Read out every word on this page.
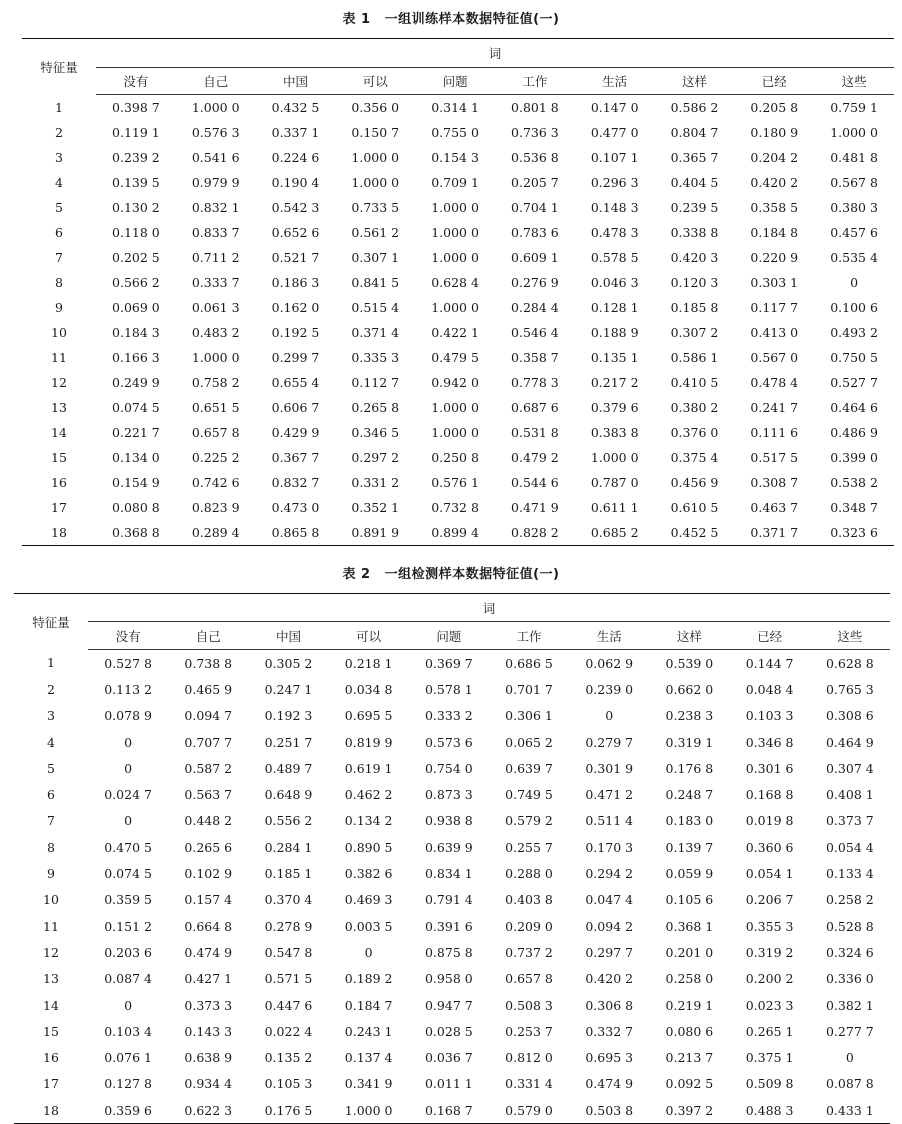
表 1 一组训练样本数据特征值(一)
特征量	词									
	没有	自己	中国	可以	问题	工作	生活	这样	已经	这些
1	0.398 7	1.000 0	0.432 5	0.356 0	0.314 1	0.801 8	0.147 0	0.586 2	0.205 8	0.759 1
2	0.119 1	0.576 3	0.337 1	0.150 7	0.755 0	0.736 3	0.477 0	0.804 7	0.180 9	1.000 0
3	0.239 2	0.541 6	0.224 6	1.000 0	0.154 3	0.536 8	0.107 1	0.365 7	0.204 2	0.481 8
4	0.139 5	0.979 9	0.190 4	1.000 0	0.709 1	0.205 7	0.296 3	0.404 5	0.420 2	0.567 8
5	0.130 2	0.832 1	0.542 3	0.733 5	1.000 0	0.704 1	0.148 3	0.239 5	0.358 5	0.380 3
6	0.118 0	0.833 7	0.652 6	0.561 2	1.000 0	0.783 6	0.478 3	0.338 8	0.184 8	0.457 6
7	0.202 5	0.711 2	0.521 7	0.307 1	1.000 0	0.609 1	0.578 5	0.420 3	0.220 9	0.535 4
8	0.566 2	0.333 7	0.186 3	0.841 5	0.628 4	0.276 9	0.046 3	0.120 3	0.303 1	0
9	0.069 0	0.061 3	0.162 0	0.515 4	1.000 0	0.284 4	0.128 1	0.185 8	0.117 7	0.100 6
10	0.184 3	0.483 2	0.192 5	0.371 4	0.422 1	0.546 4	0.188 9	0.307 2	0.413 0	0.493 2
11	0.166 3	1.000 0	0.299 7	0.335 3	0.479 5	0.358 7	0.135 1	0.586 1	0.567 0	0.750 5
12	0.249 9	0.758 2	0.655 4	0.112 7	0.942 0	0.778 3	0.217 2	0.410 5	0.478 4	0.527 7
13	0.074 5	0.651 5	0.606 7	0.265 8	1.000 0	0.687 6	0.379 6	0.380 2	0.241 7	0.464 6
14	0.221 7	0.657 8	0.429 9	0.346 5	1.000 0	0.531 8	0.383 8	0.376 0	0.111 6	0.486 9
15	0.134 0	0.225 2	0.367 7	0.297 2	0.250 8	0.479 2	1.000 0	0.375 4	0.517 5	0.399 0
16	0.154 9	0.742 6	0.832 7	0.331 2	0.576 1	0.544 6	0.787 0	0.456 9	0.308 7	0.538 2
17	0.080 8	0.823 9	0.473 0	0.352 1	0.732 8	0.471 9	0.611 1	0.610 5	0.463 7	0.348 7
18	0.368 8	0.289 4	0.865 8	0.891 9	0.899 4	0.828 2	0.685 2	0.452 5	0.371 7	0.323 6
表 2 一组检测样本数据特征值(一)
特征量	词									
	没有	自己	中国	可以	问题	工作	生活	这样	已经	这些
1	0.527 8	0.738 8	0.305 2	0.218 1	0.369 7	0.686 5	0.062 9	0.539 0	0.144 7	0.628 8
2	0.113 2	0.465 9	0.247 1	0.034 8	0.578 1	0.701 7	0.239 0	0.662 0	0.048 4	0.765 3
3	0.078 9	0.094 7	0.192 3	0.695 5	0.333 2	0.306 1	0	0.238 3	0.103 3	0.308 6
4	0	0.707 7	0.251 7	0.819 9	0.573 6	0.065 2	0.279 7	0.319 1	0.346 8	0.464 9
5	0	0.587 2	0.489 7	0.619 1	0.754 0	0.639 7	0.301 9	0.176 8	0.301 6	0.307 4
6	0.024 7	0.563 7	0.648 9	0.462 2	0.873 3	0.749 5	0.471 2	0.248 7	0.168 8	0.408 1
7	0	0.448 2	0.556 2	0.134 2	0.938 8	0.579 2	0.511 4	0.183 0	0.019 8	0.373 7
8	0.470 5	0.265 6	0.284 1	0.890 5	0.639 9	0.255 7	0.170 3	0.139 7	0.360 6	0.054 4
9	0.074 5	0.102 9	0.185 1	0.382 6	0.834 1	0.288 0	0.294 2	0.059 9	0.054 1	0.133 4
10	0.359 5	0.157 4	0.370 4	0.469 3	0.791 4	0.403 8	0.047 4	0.105 6	0.206 7	0.258 2
11	0.151 2	0.664 8	0.278 9	0.003 5	0.391 6	0.209 0	0.094 2	0.368 1	0.355 3	0.528 8
12	0.203 6	0.474 9	0.547 8	0	0.875 8	0.737 2	0.297 7	0.201 0	0.319 2	0.324 6
13	0.087 4	0.427 1	0.571 5	0.189 2	0.958 0	0.657 8	0.420 2	0.258 0	0.200 2	0.336 0
14	0	0.373 3	0.447 6	0.184 7	0.947 7	0.508 3	0.306 8	0.219 1	0.023 3	0.382 1
15	0.103 4	0.143 3	0.022 4	0.243 1	0.028 5	0.253 7	0.332 7	0.080 6	0.265 1	0.277 7
16	0.076 1	0.638 9	0.135 2	0.137 4	0.036 7	0.812 0	0.695 3	0.213 7	0.375 1	0
17	0.127 8	0.934 4	0.105 3	0.341 9	0.011 1	0.331 4	0.474 9	0.092 5	0.509 8	0.087 8
18	0.359 6	0.622 3	0.176 5	1.000 0	0.168 7	0.579 0	0.503 8	0.397 2	0.488 3	0.433 1
